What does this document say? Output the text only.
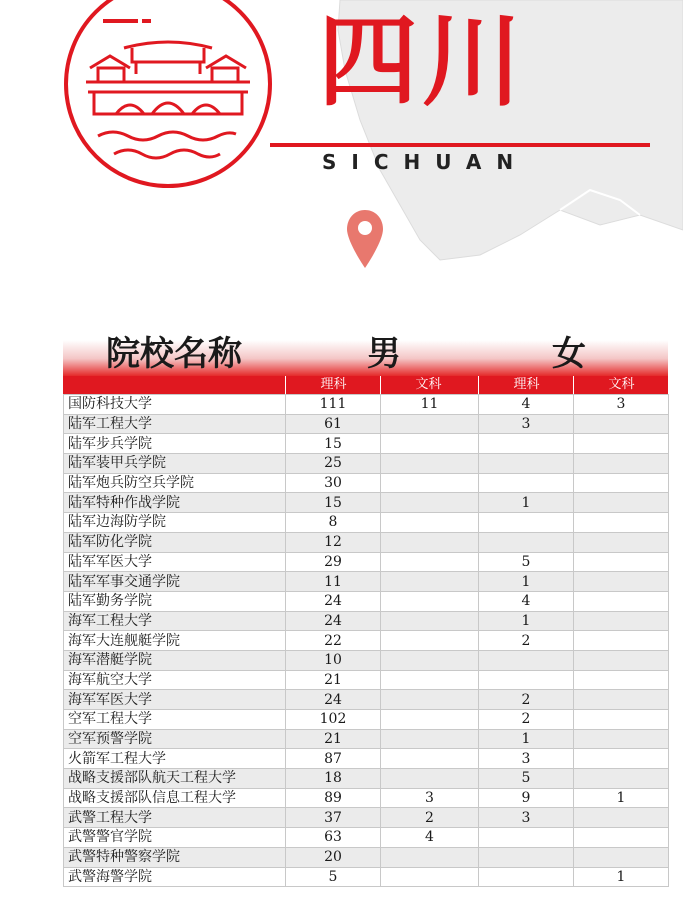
四川
SICHUAN
院校名称	男	女
理科	文科	理科	文科
国防科技大学	111	11	4	3
陆军工程大学	61		3	
陆军步兵学院	15			
陆军装甲兵学院	25			
陆军炮兵防空兵学院	30			
陆军特种作战学院	15		1	
陆军边海防学院	8			
陆军防化学院	12			
陆军军医大学	29		5	
陆军军事交通学院	11		1	
陆军勤务学院	24		4	
海军工程大学	24		1	
海军大连舰艇学院	22		2	
海军潜艇学院	10			
海军航空大学	21			
海军军医大学	24		2	
空军工程大学	102		2	
空军预警学院	21		1	
火箭军工程大学	87		3	
战略支援部队航天工程大学	18		5	
战略支援部队信息工程大学	89	3	9	1
武警工程大学	37	2	3	
武警警官学院	63	4		
武警特种警察学院	20			
武警海警学院	5			1
